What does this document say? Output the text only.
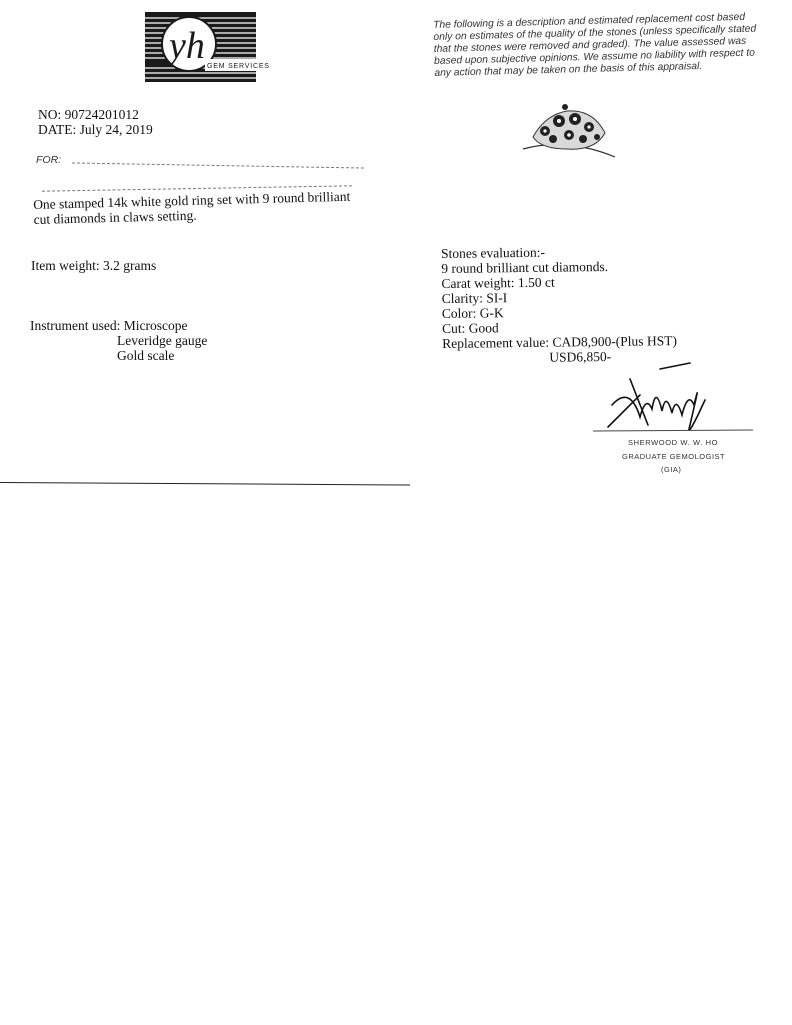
yh GEM SERVICES
The following is a description and estimated replacement cost based only on estimates of the quality of the stones (unless specifically stated that the stones were removed and graded). The value assessed was based upon subjective opinions. We assume no liability with respect to any action that may be taken on the basis of this appraisal.
NO: 90724201012
DATE: July 24, 2019
FOR:
One stamped 14k white gold ring set with 9 round brilliant cut diamonds in claws setting.
Item weight: 3.2 grams
Instrument used: Microscope
Leveridge gauge
Gold scale
Stones evaluation:-
9 round brilliant cut diamonds.
Carat weight: 1.50 ct
Clarity: SI-I
Color: G-K
Cut: Good
Replacement value: CAD8,900-(Plus HST)
USD6,850-
SHERWOOD W. W. HO
GRADUATE GEMOLOGIST
(GIA)
